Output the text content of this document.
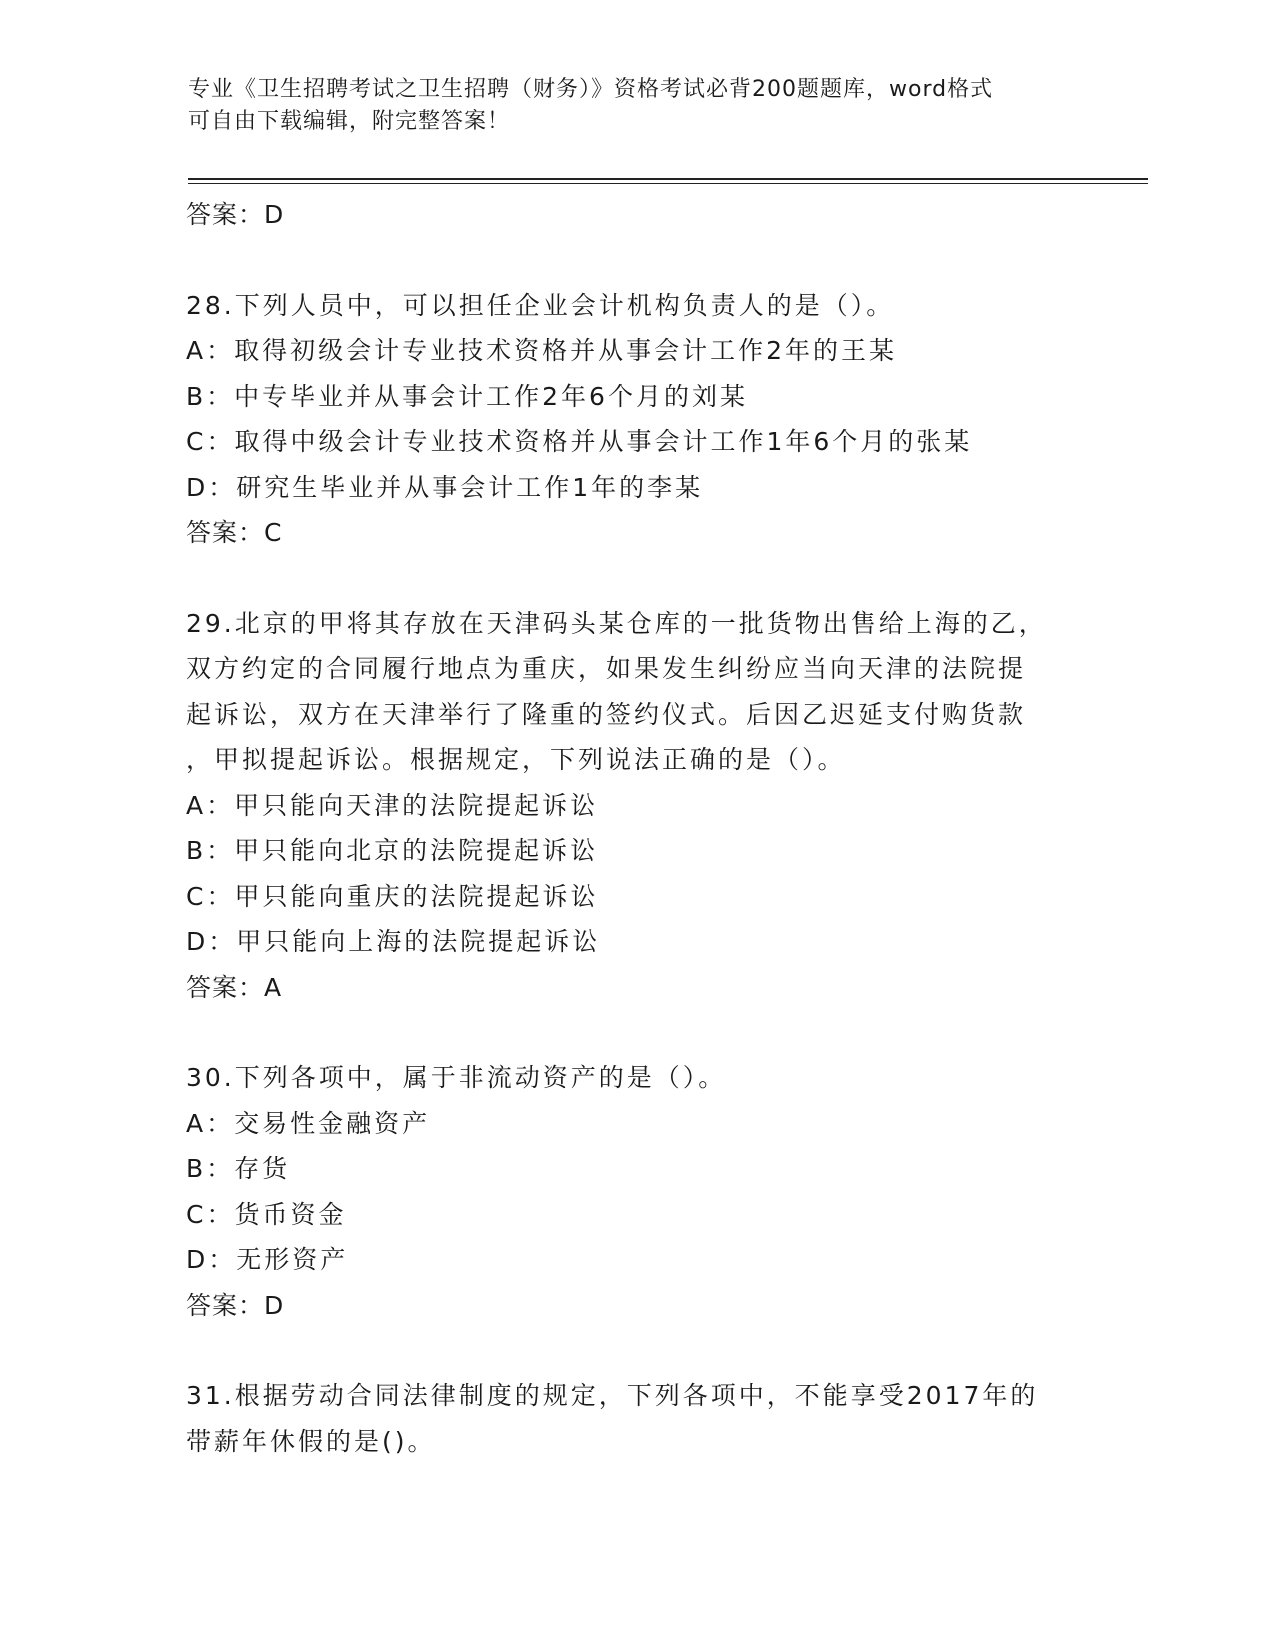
专业《卫生招聘考试之卫生招聘（财务）》资格考试必背200题题库，word格式
可自由下载编辑，附完整答案！
答案：D
28.下列人员中，可以担任企业会计机构负责人的是（）。
A：取得初级会计专业技术资格并从事会计工作2年的王某
B：中专毕业并从事会计工作2年6个月的刘某
C：取得中级会计专业技术资格并从事会计工作1年6个月的张某
D：研究生毕业并从事会计工作1年的李某
答案：C
29.北京的甲将其存放在天津码头某仓库的一批货物出售给上海的乙，
双方约定的合同履行地点为重庆，如果发生纠纷应当向天津的法院提
起诉讼，双方在天津举行了隆重的签约仪式。后因乙迟延支付购货款
，甲拟提起诉讼。根据规定，下列说法正确的是（）。
A：甲只能向天津的法院提起诉讼
B：甲只能向北京的法院提起诉讼
C：甲只能向重庆的法院提起诉讼
D：甲只能向上海的法院提起诉讼
答案：A
30.下列各项中，属于非流动资产的是（）。
A：交易性金融资产
B：存货
C：货币资金
D：无形资产
答案：D
31.根据劳动合同法律制度的规定，下列各项中，不能享受2017年的
带薪年休假的是()。
